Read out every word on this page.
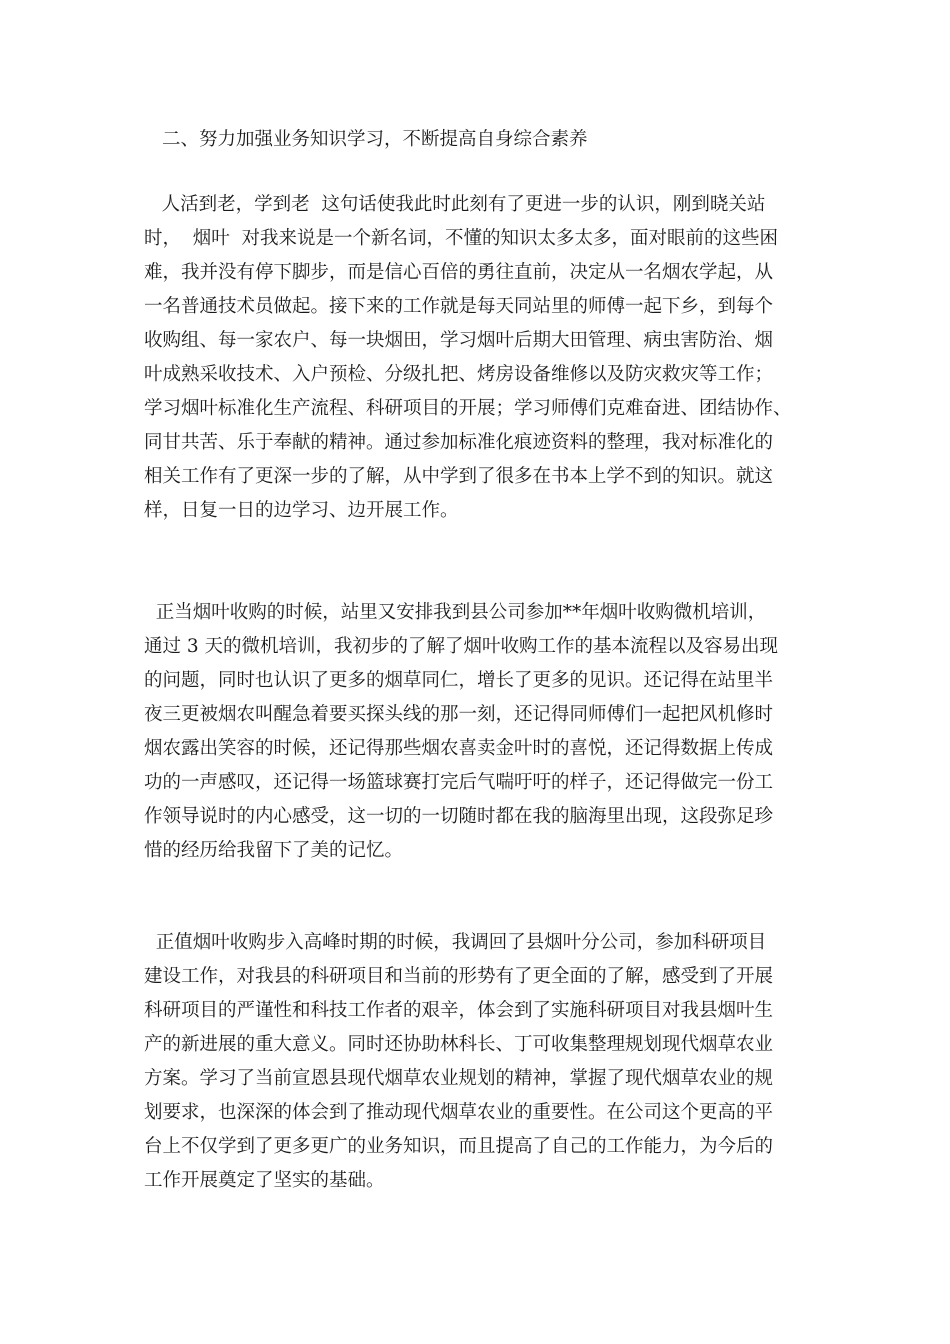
二、努力加强业务知识学习，不断提高自身综合素养
人活到老，学到老  这句话使我此时此刻有了更进一步的认识，刚到晓关站
时，  烟叶  对我来说是一个新名词，不懂的知识太多太多，面对眼前的这些困
难，我并没有停下脚步，而是信心百倍的勇往直前，决定从一名烟农学起，从
一名普通技术员做起。接下来的工作就是每天同站里的师傅一起下乡，到每个
收购组、每一家农户、每一块烟田，学习烟叶后期大田管理、病虫害防治、烟
叶成熟采收技术、入户预检、分级扎把、烤房设备维修以及防灾救灾等工作；
学习烟叶标准化生产流程、科研项目的开展；学习师傅们克难奋进、团结协作、
同甘共苦、乐于奉献的精神。通过参加标准化痕迹资料的整理，我对标准化的
相关工作有了更深一步的了解，从中学到了很多在书本上学不到的知识。就这
样，日复一日的边学习、边开展工作。
正当烟叶收购的时候，站里又安排我到县公司参加**年烟叶收购微机培训，
通过 3 天的微机培训，我初步的了解了烟叶收购工作的基本流程以及容易出现
的问题，同时也认识了更多的烟草同仁，增长了更多的见识。还记得在站里半
夜三更被烟农叫醒急着要买探头线的那一刻，还记得同师傅们一起把风机修时
烟农露出笑容的时候，还记得那些烟农喜卖金叶时的喜悦，还记得数据上传成
功的一声感叹，还记得一场篮球赛打完后气喘吁吁的样子，还记得做完一份工
作领导说时的内心感受，这一切的一切随时都在我的脑海里出现，这段弥足珍
惜的经历给我留下了美的记忆。
正值烟叶收购步入高峰时期的时候，我调回了县烟叶分公司，参加科研项目
建设工作，对我县的科研项目和当前的形势有了更全面的了解，感受到了开展
科研项目的严谨性和科技工作者的艰辛，体会到了实施科研项目对我县烟叶生
产的新进展的重大意义。同时还协助林科长、丁可收集整理规划现代烟草农业
方案。学习了当前宣恩县现代烟草农业规划的精神，掌握了现代烟草农业的规
划要求，也深深的体会到了推动现代烟草农业的重要性。在公司这个更高的平
台上不仅学到了更多更广的业务知识，而且提高了自己的工作能力，为今后的
工作开展奠定了坚实的基础。
